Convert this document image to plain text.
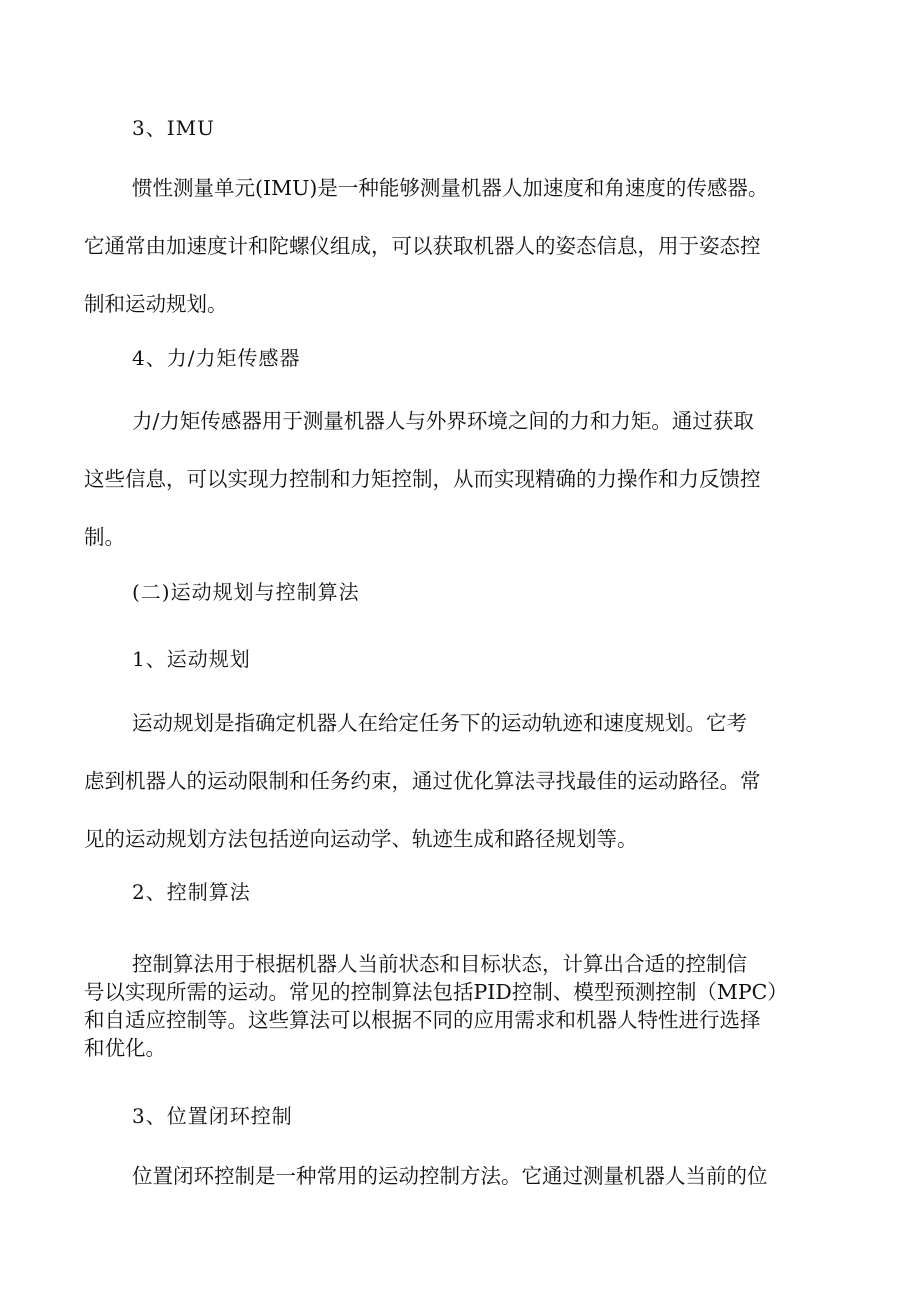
3、IMU
惯性测量单元(IMU)是一种能够测量机器人加速度和角速度的传感器。
它通常由加速度计和陀螺仪组成，可以获取机器人的姿态信息，用于姿态控
制和运动规划。
4、力/力矩传感器
力/力矩传感器用于测量机器人与外界环境之间的力和力矩。通过获取
这些信息，可以实现力控制和力矩控制，从而实现精确的力操作和力反馈控
制。
(二)运动规划与控制算法
1、运动规划
运动规划是指确定机器人在给定任务下的运动轨迹和速度规划。它考
虑到机器人的运动限制和任务约束，通过优化算法寻找最佳的运动路径。常
见的运动规划方法包括逆向运动学、轨迹生成和路径规划等。
2、控制算法
控制算法用于根据机器人当前状态和目标状态，计算出合适的控制信
号以实现所需的运动。常见的控制算法包括PID控制、模型预测控制（MPC）
和自适应控制等。这些算法可以根据不同的应用需求和机器人特性进行选择
和优化。
3、位置闭环控制
位置闭环控制是一种常用的运动控制方法。它通过测量机器人当前的位
